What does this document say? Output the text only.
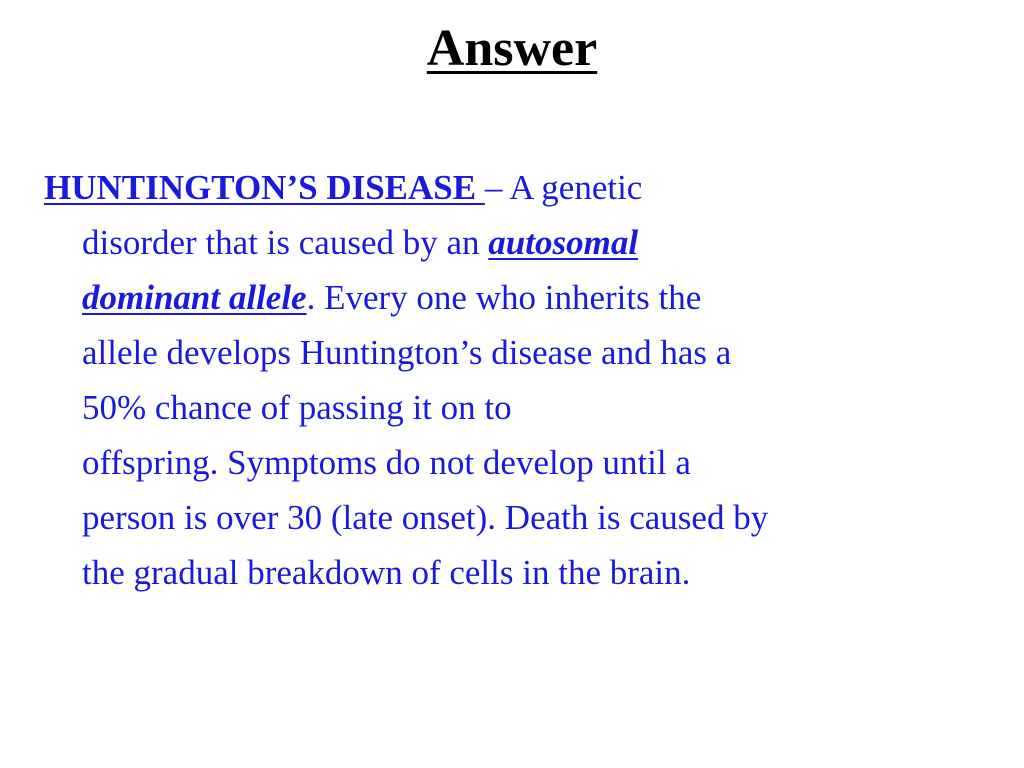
Answer
HUNTINGTON’S DISEASE – A genetic
disorder that is caused by an autosomal
dominant allele. Every one who inherits the
allele develops Huntington’s disease and has a
50% chance of passing it on to
offspring. Symptoms do not develop until a
person is over 30 (late onset). Death is caused by
the gradual breakdown of cells in the brain.
